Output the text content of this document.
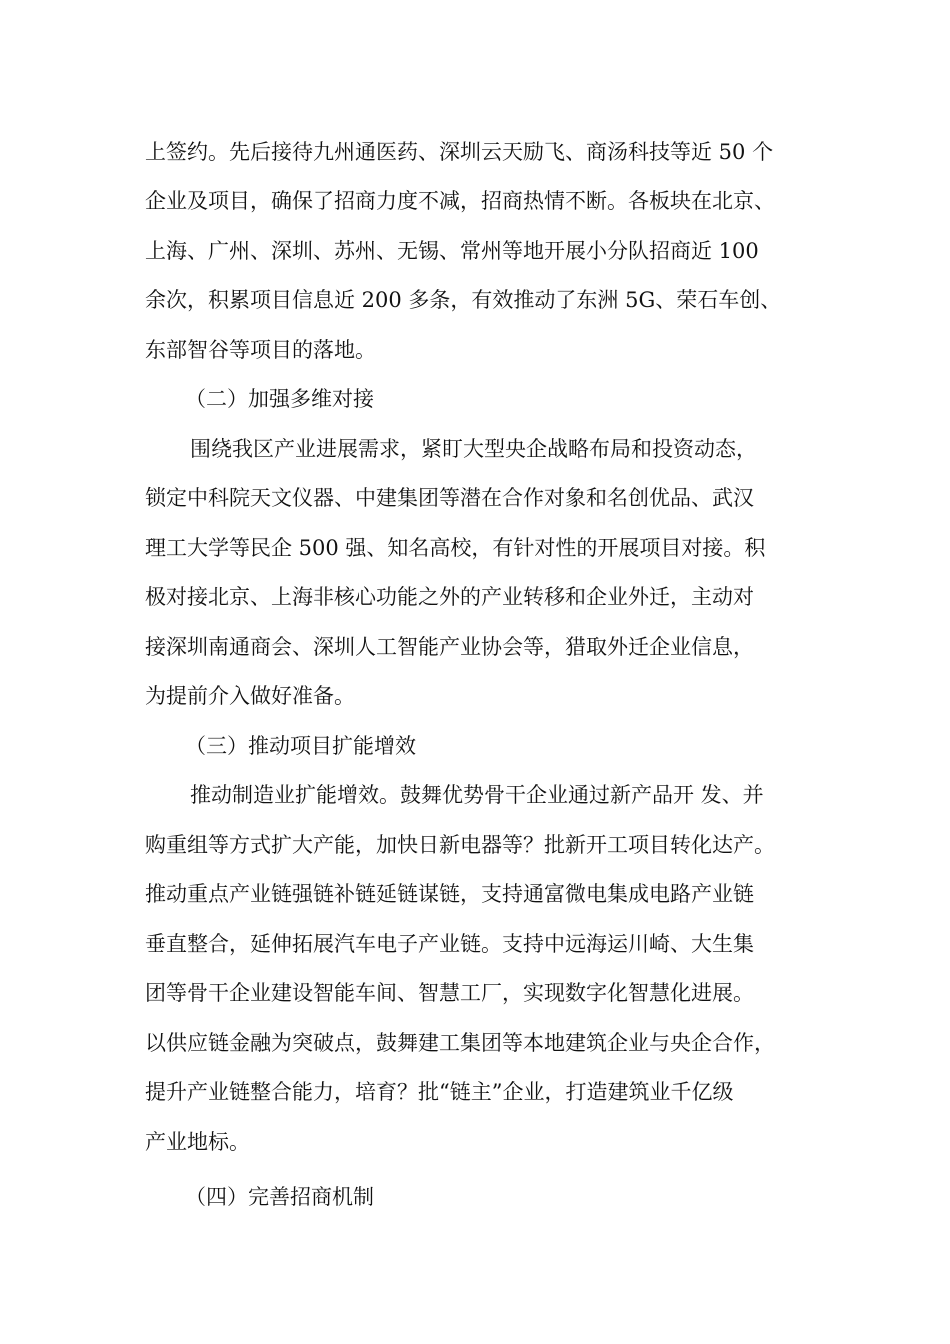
上签约。先后接待九州通医药、深圳云天励飞、商汤科技等近 50 个
企业及项目，确保了招商力度不减，招商热情不断。各板块在北京、
上海、广州、深圳、苏州、无锡、常州等地开展小分队招商近 100
余次，积累项目信息近 200 多条，有效推动了东洲 5G、荣石车创、
东部智谷等项目的落地。
（二）加强多维对接
围绕我区产业进展需求，紧盯大型央企战略布局和投资动态，
锁定中科院天文仪器、中建集团等潜在合作对象和名创优品、武汉
理工大学等民企 500 强、知名高校，有针对性的开展项目对接。积
极对接北京、上海非核心功能之外的产业转移和企业外迁，主动对
接深圳南通商会、深圳人工智能产业协会等，猎取外迁企业信息，
为提前介入做好准备。
（三）推动项目扩能增效
推动制造业扩能增效。鼓舞优势骨干企业通过新产品开 发、并
购重组等方式扩大产能，加快日新电器等？批新开工项目转化达产。
推动重点产业链强链补链延链谋链，支持通富微电集成电路产业链
垂直整合，延伸拓展汽车电子产业链。支持中远海运川崎、大生集
团等骨干企业建设智能车间、智慧工厂，实现数字化智慧化进展。
以供应链金融为突破点，鼓舞建工集团等本地建筑企业与央企合作，
提升产业链整合能力，培育？批“链主”企业，打造建筑业千亿级
产业地标。
（四）完善招商机制
